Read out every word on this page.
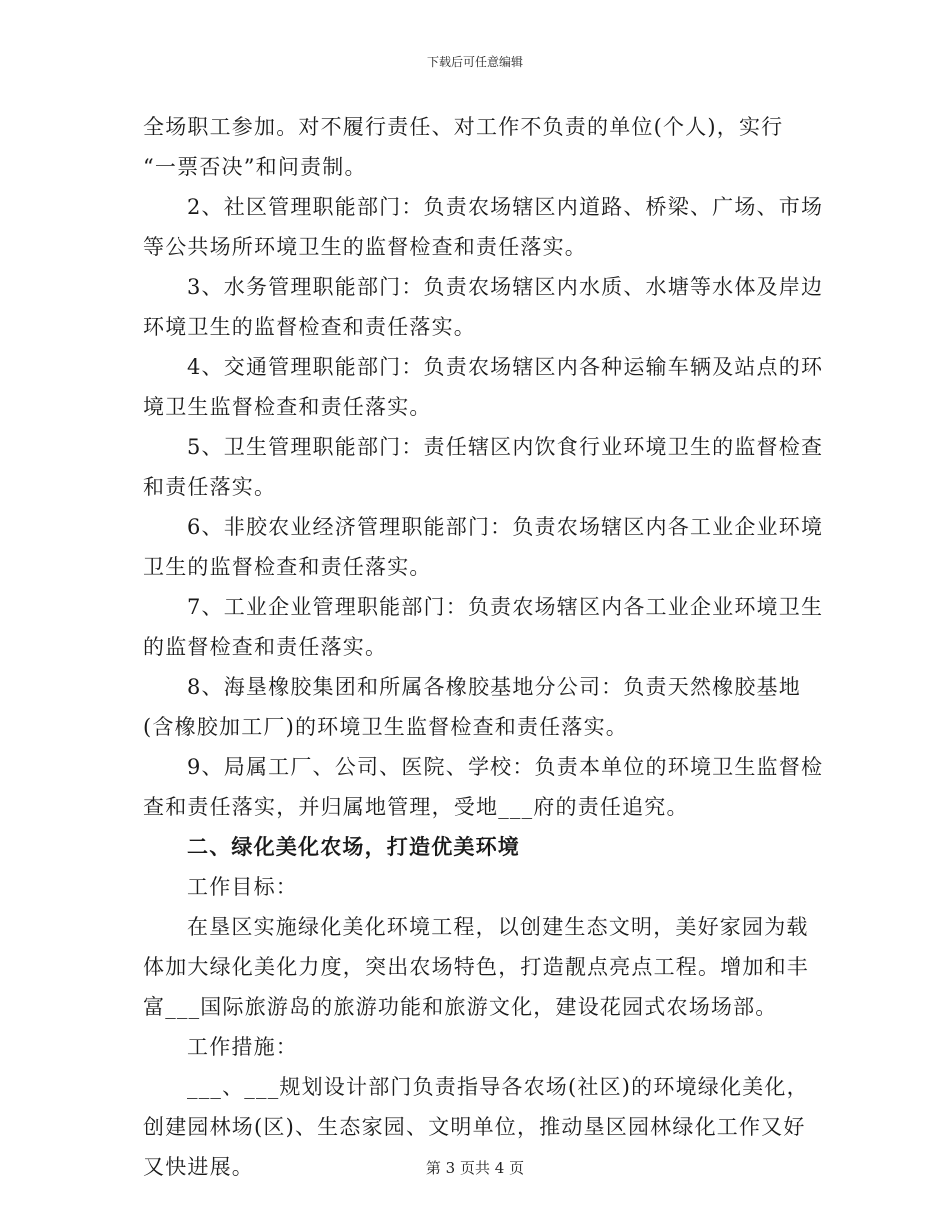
下载后可任意编辑
全场职工参加。对不履行责任、对工作不负责的单位(个人)，实行
“一票否决”和问责制。
2、社区管理职能部门：负责农场辖区内道路、桥梁、广场、市场
等公共场所环境卫生的监督检查和责任落实。
3、水务管理职能部门：负责农场辖区内水质、水塘等水体及岸边
环境卫生的监督检查和责任落实。
4、交通管理职能部门：负责农场辖区内各种运输车辆及站点的环
境卫生监督检查和责任落实。
5、卫生管理职能部门：责任辖区内饮食行业环境卫生的监督检查
和责任落实。
6、非胶农业经济管理职能部门：负责农场辖区内各工业企业环境
卫生的监督检查和责任落实。
7、工业企业管理职能部门：负责农场辖区内各工业企业环境卫生
的监督检查和责任落实。
8、海垦橡胶集团和所属各橡胶基地分公司：负责天然橡胶基地
(含橡胶加工厂)的环境卫生监督检查和责任落实。
9、局属工厂、公司、医院、学校：负责本单位的环境卫生监督检
查和责任落实，并归属地管理，受地___府的责任追究。
二、绿化美化农场，打造优美环境
工作目标：
在垦区实施绿化美化环境工程，以创建生态文明，美好家园为载
体加大绿化美化力度，突出农场特色，打造靓点亮点工程。增加和丰
富___国际旅游岛的旅游功能和旅游文化，建设花园式农场场部。
工作措施：
___、___规划设计部门负责指导各农场(社区)的环境绿化美化，
创建园林场(区)、生态家园、文明单位，推动垦区园林绿化工作又好
又快进展。	第 3 页共 4 页
